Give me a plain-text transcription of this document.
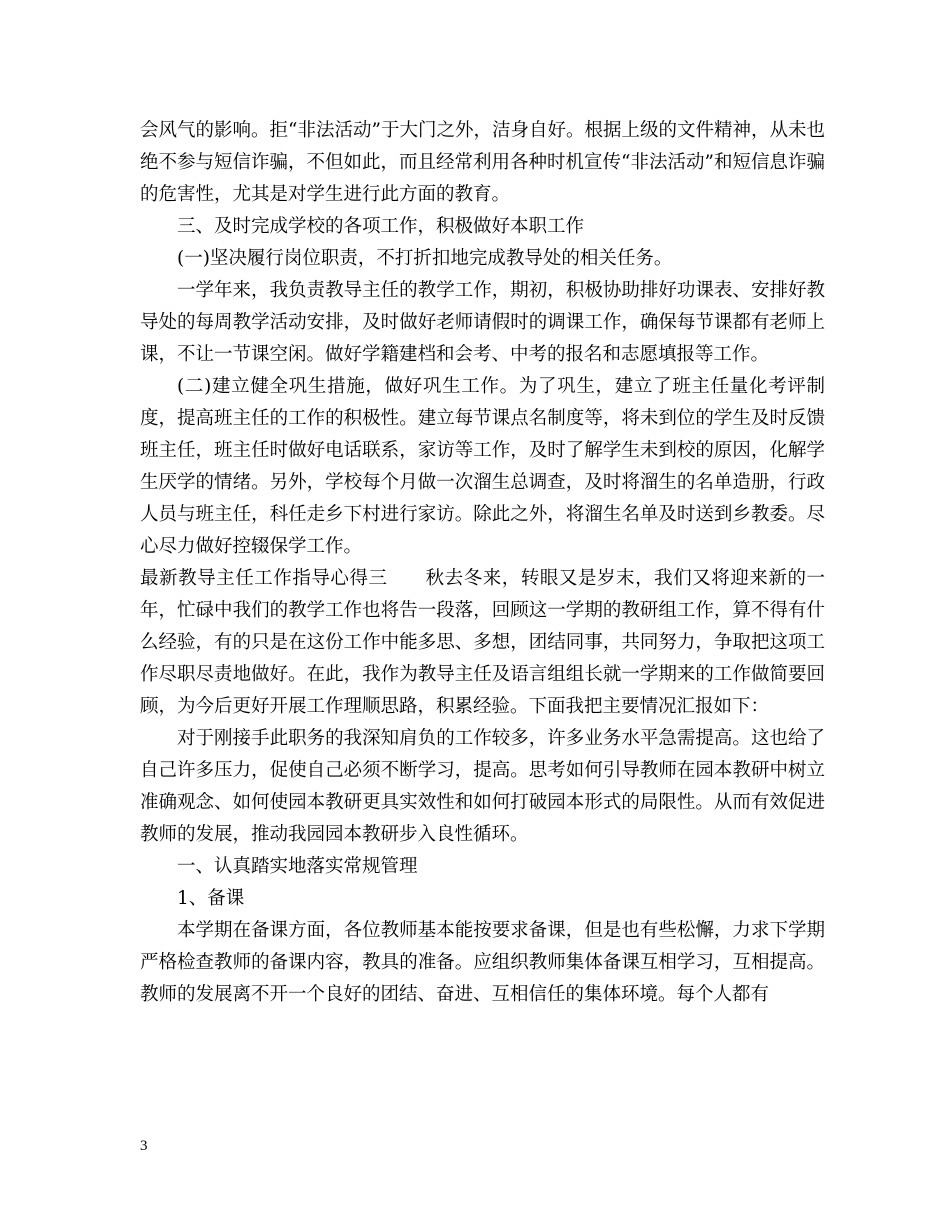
会风气的影响。拒“非法活动”于大门之外，洁身自好。根据上级的文件精神，从未也绝不参与短信诈骗，不但如此，而且经常利用各种时机宣传“非法活动”和短信息诈骗的危害性，尤其是对学生进行此方面的教育。

三、及时完成学校的各项工作，积极做好本职工作

(一)坚决履行岗位职责，不打折扣地完成教导处的相关任务。

一学年来，我负责教导主任的教学工作，期初，积极协助排好功课表、安排好教导处的每周教学活动安排，及时做好老师请假时的调课工作，确保每节课都有老师上课，不让一节课空闲。做好学籍建档和会考、中考的报名和志愿填报等工作。

(二)建立健全巩生措施，做好巩生工作。为了巩生，建立了班主任量化考评制度，提高班主任的工作的积极性。建立每节课点名制度等，将未到位的学生及时反馈班主任，班主任时做好电话联系，家访等工作，及时了解学生未到校的原因，化解学生厌学的情绪。另外，学校每个月做一次溜生总调查，及时将溜生的名单造册，行政人员与班主任，科任走乡下村进行家访。除此之外，将溜生名单及时送到乡教委。尽心尽力做好控辍保学工作。

最新教导主任工作指导心得三　　秋去冬来，转眼又是岁末，我们又将迎来新的一年，忙碌中我们的教学工作也将告一段落，回顾这一学期的教研组工作，算不得有什么经验，有的只是在这份工作中能多思、多想，团结同事，共同努力，争取把这项工作尽职尽责地做好。在此，我作为教导主任及语言组组长就一学期来的工作做简要回顾，为今后更好开展工作理顺思路，积累经验。下面我把主要情况汇报如下：

对于刚接手此职务的我深知肩负的工作较多，许多业务水平急需提高。这也给了自己许多压力，促使自己必须不断学习，提高。思考如何引导教师在园本教研中树立准确观念、如何使园本教研更具实效性和如何打破园本形式的局限性。从而有效促进教师的发展，推动我园园本教研步入良性循环。

一、认真踏实地落实常规管理

1、备课

本学期在备课方面，各位教师基本能按要求备课，但是也有些松懈，力求下学期严格检查教师的备课内容，教具的准备。应组织教师集体备课互相学习，互相提高。教师的发展离不开一个良好的团结、奋进、互相信任的集体环境。每个人都有

3
